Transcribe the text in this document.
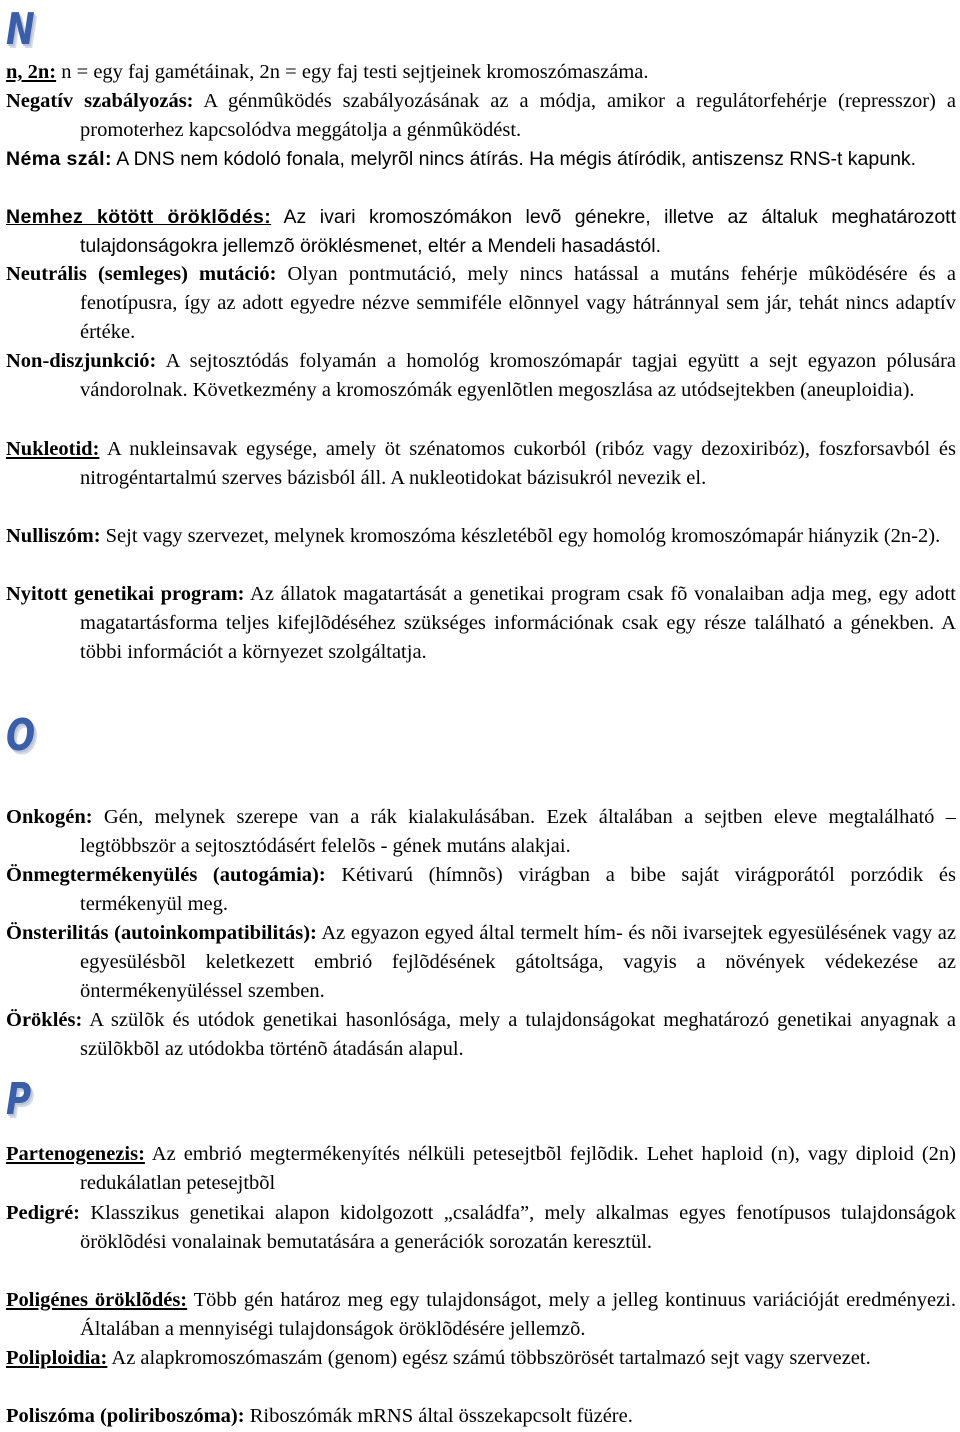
N
n, 2n: n = egy faj gamétáinak, 2n = egy faj testi sejtjeinek kromoszómaszáma.
Negatív szabályozás: A génmûködés szabályozásának az a módja, amikor a regulátorfehérje (represszor) a promoterhez kapcsolódva meggátolja a génmûködést.
Néma szál: A DNS nem kódoló fonala, melyrõl nincs átírás. Ha mégis átíródik, antiszensz RNS-t kapunk.
Nemhez kötött öröklõdés: Az ivari kromoszómákon levõ génekre, illetve az általuk meghatározott tulajdonságokra jellemzõ öröklésmenet, eltér a Mendeli hasadástól.
Neutrális (semleges) mutáció: Olyan pontmutáció, mely nincs hatással a mutáns fehérje mûködésére és a fenotípusra, így az adott egyedre nézve semmiféle elõnnyel vagy hátránnyal sem jár, tehát nincs adaptív értéke.
Non-diszjunkció: A sejtosztódás folyamán a homológ kromoszómapár tagjai együtt a sejt egyazon pólusára vándorolnak. Következmény a kromoszómák egyenlõtlen megoszlása az utódsejtekben (aneuploidia).
Nukleotid: A nukleinsavak egysége, amely öt szénatomos cukorból (ribóz vagy dezoxiribóz), foszforsavból és nitrogéntartalmú szerves bázisból áll. A nukleotidokat bázisukról nevezik el.
Nulliszóm: Sejt vagy szervezet, melynek kromoszóma készletébõl egy homológ kromoszómapár hiányzik (2n-2).
Nyitott genetikai program: Az állatok magatartását a genetikai program csak fõ vonalaiban adja meg, egy adott magatartásforma teljes kifejlõdéséhez szükséges információnak csak egy része található a génekben. A többi információt a környezet szolgáltatja.
O
Onkogén: Gén, melynek szerepe van a rák kialakulásában. Ezek általában a sejtben eleve megtalálható – legtöbbször a sejtosztódásért felelõs - gének mutáns alakjai.
Önmegtermékenyülés (autogámia): Kétivarú (hímnõs) virágban a bibe saját virágporától porzódik és termékenyül meg.
Önsterilitás (autoinkompatibilitás): Az egyazon egyed által termelt hím- és nõi ivarsejtek egyesülésének vagy az egyesülésbõl keletkezett embrió fejlõdésének gátoltsága, vagyis a növények védekezése az öntermékenyüléssel szemben.
Öröklés: A szülõk és utódok genetikai hasonlósága, mely a tulajdonságokat meghatározó genetikai anyagnak a szülõkbõl az utódokba történõ átadásán alapul.
P
Partenogenezis: Az embrió megtermékenyítés nélküli petesejtbõl fejlõdik. Lehet haploid (n), vagy diploid (2n) redukálatlan petesejtbõl
Pedigré: Klasszikus genetikai alapon kidolgozott „családfa”, mely alkalmas egyes fenotípusos tulajdonságok öröklõdési vonalainak bemutatására a generációk sorozatán keresztül.
Poligénes öröklõdés: Több gén határoz meg egy tulajdonságot, mely a jelleg kontinuus variációját eredményezi. Általában a mennyiségi tulajdonságok öröklõdésére jellemzõ.
Poliploidia: Az alapkromoszómaszám (genom) egész számú többszörösét tartalmazó sejt vagy szervezet.
Poliszóma (poliriboszóma): Riboszómák mRNS által összekapcsolt füzére.
